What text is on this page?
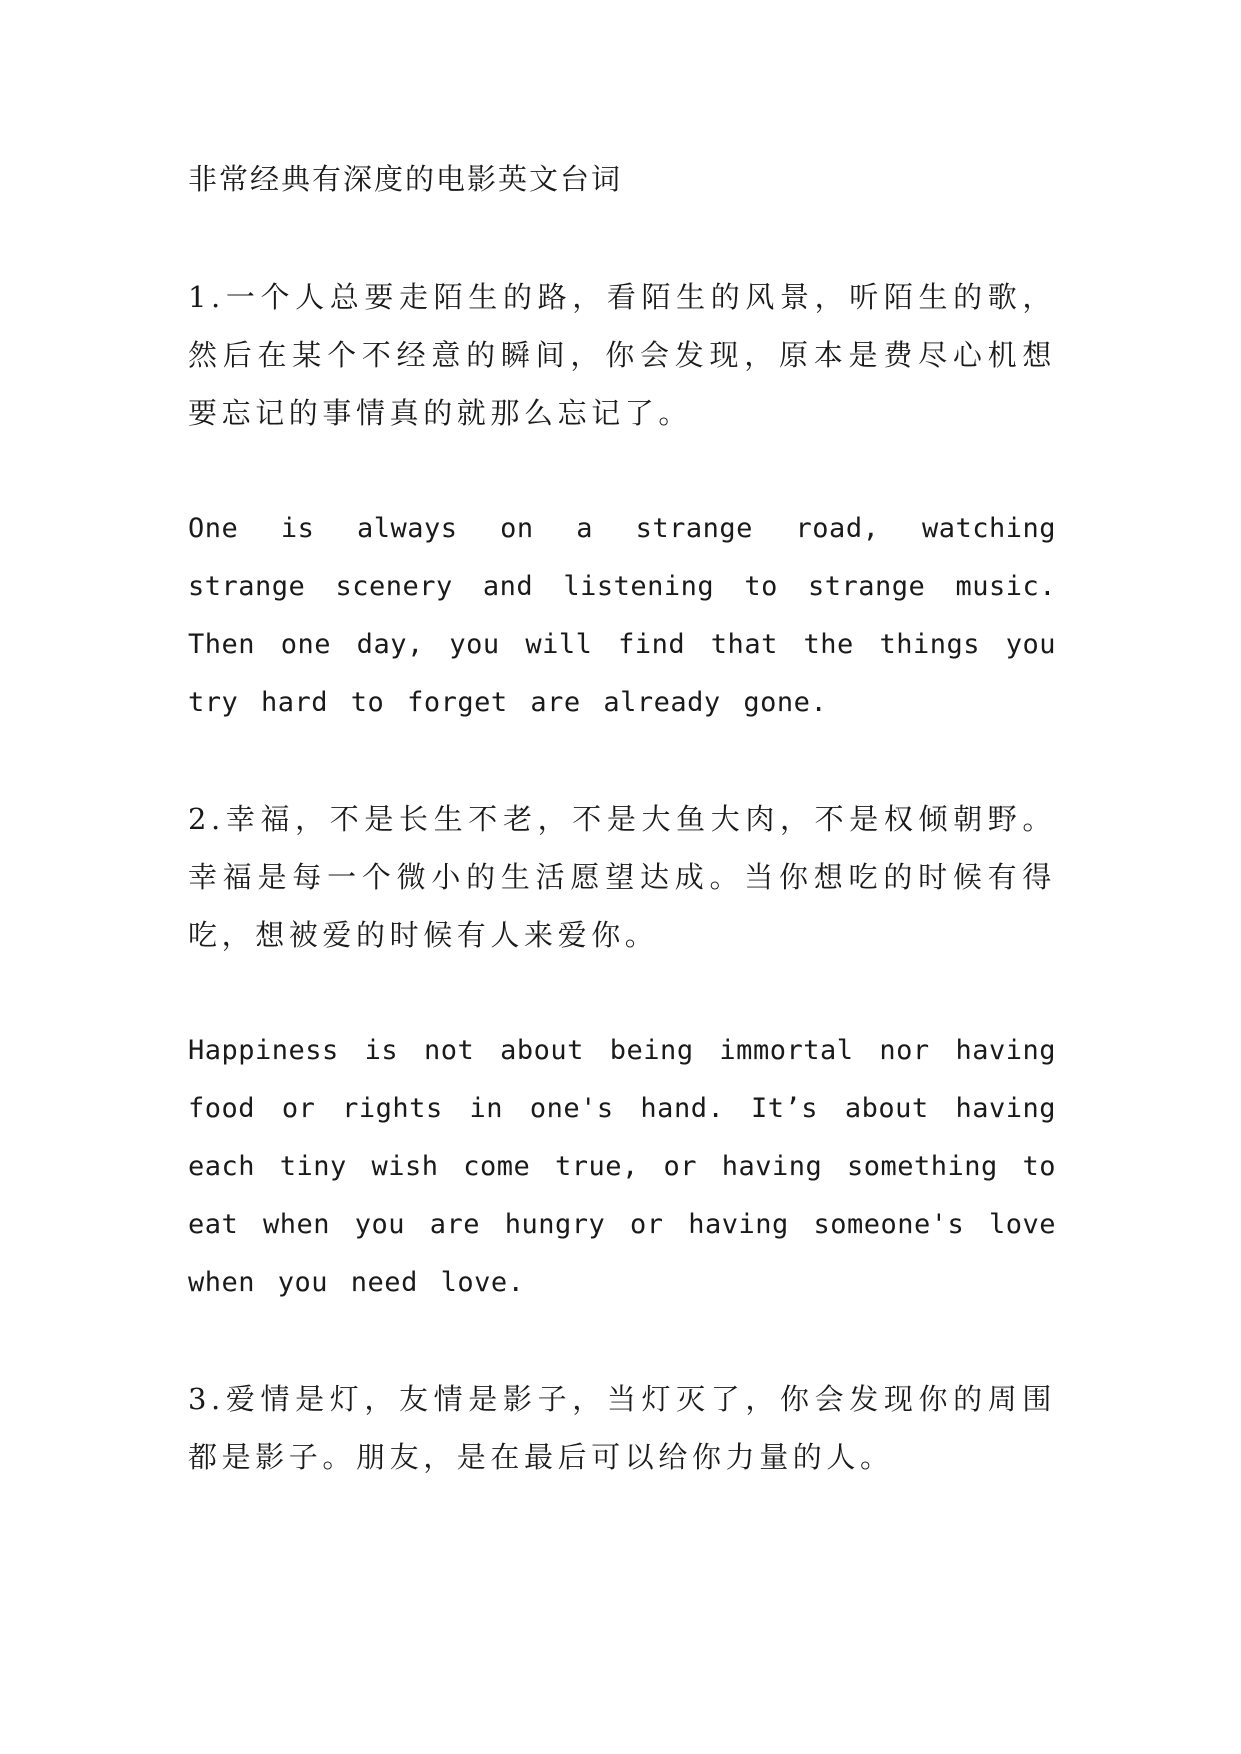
非常经典有深度的电影英文台词

1.一个人总要走陌生的路，看陌生的风景，听陌生的歌，然后在某个不经意的瞬间，你会发现，原本是费尽心机想要忘记的事情真的就那么忘记了。

One is always on a strange road, watching strange scenery and listening to strange music. Then one day, you will find that the things you try hard to forget are already gone.

2.幸福，不是长生不老，不是大鱼大肉，不是权倾朝野。幸福是每一个微小的生活愿望达成。当你想吃的时候有得吃，想被爱的时候有人来爱你。

Happiness is not about being immortal nor having food or rights in one's hand. It’s about having each tiny wish come true, or having something to eat when you are hungry or having someone's love when you need love.

3.爱情是灯，友情是影子，当灯灭了，你会发现你的周围都是影子。朋友，是在最后可以给你力量的人。
